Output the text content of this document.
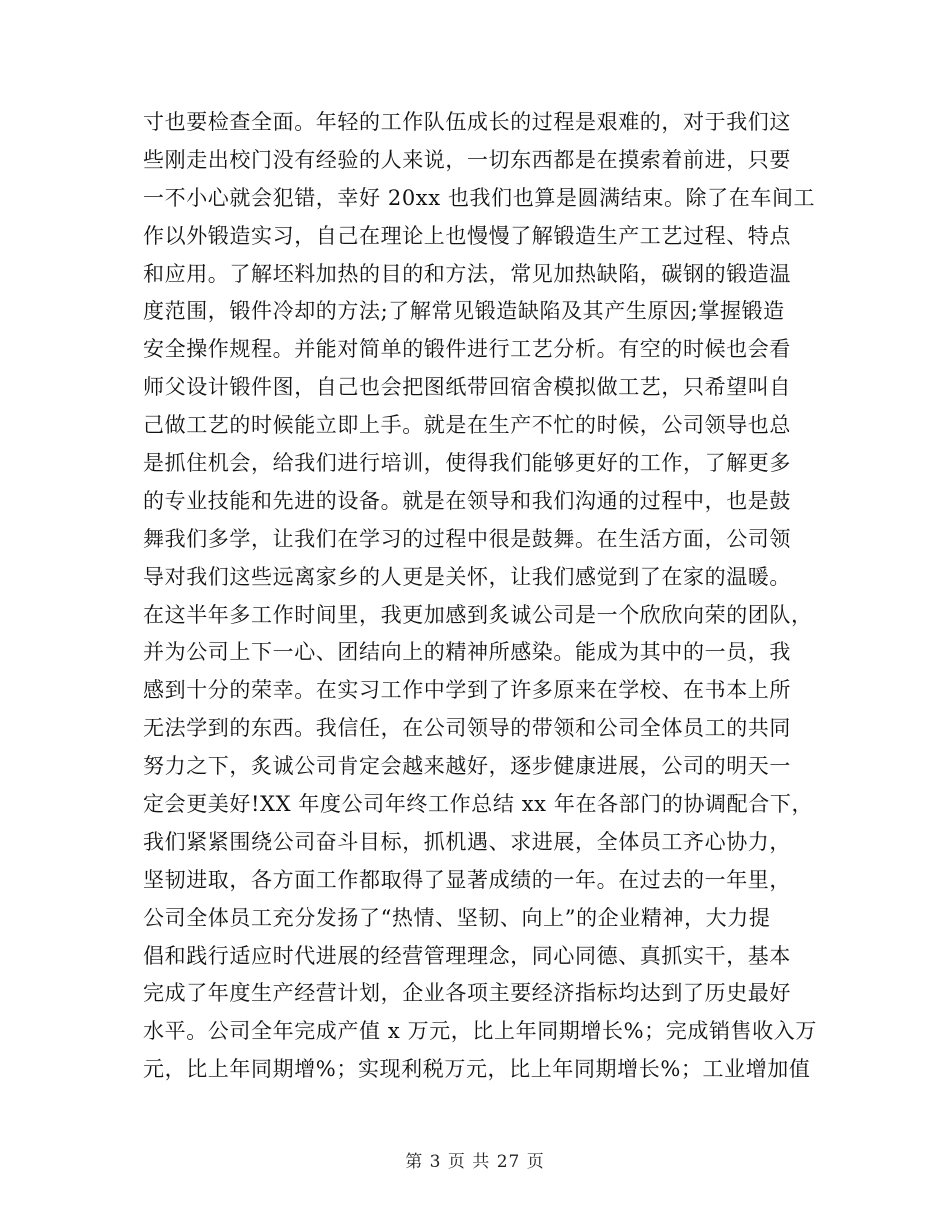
寸也要检查全面。年轻的工作队伍成长的过程是艰难的，对于我们这
些刚走出校门没有经验的人来说，一切东西都是在摸索着前进，只要
一不小心就会犯错，幸好 20xx 也我们也算是圆满结束。除了在车间工
作以外锻造实习，自己在理论上也慢慢了解锻造生产工艺过程、特点
和应用。了解坯料加热的目的和方法，常见加热缺陷，碳钢的锻造温
度范围，锻件冷却的方法;了解常见锻造缺陷及其产生原因;掌握锻造
安全操作规程。并能对简单的锻件进行工艺分析。有空的时候也会看
师父设计锻件图，自己也会把图纸带回宿舍模拟做工艺，只希望叫自
己做工艺的时候能立即上手。就是在生产不忙的时候，公司领导也总
是抓住机会，给我们进行培训，使得我们能够更好的工作，了解更多
的专业技能和先进的设备。就是在领导和我们沟通的过程中，也是鼓
舞我们多学，让我们在学习的过程中很是鼓舞。在生活方面，公司领
导对我们这些远离家乡的人更是关怀，让我们感觉到了在家的温暖。
在这半年多工作时间里，我更加感到炙诚公司是一个欣欣向荣的团队，
并为公司上下一心、团结向上的精神所感染。能成为其中的一员，我
感到十分的荣幸。在实习工作中学到了许多原来在学校、在书本上所
无法学到的东西。我信任，在公司领导的带领和公司全体员工的共同
努力之下，炙诚公司肯定会越来越好，逐步健康进展，公司的明天一
定会更美好!XX 年度公司年终工作总结 xx 年在各部门的协调配合下，
我们紧紧围绕公司奋斗目标，抓机遇、求进展，全体员工齐心协力，
坚韧进取，各方面工作都取得了显著成绩的一年。在过去的一年里，
公司全体员工充分发扬了“热情、坚韧、向上”的企业精神，大力提
倡和践行适应时代进展的经营管理理念，同心同德、真抓实干，基本
完成了年度生产经营计划，企业各项主要经济指标均达到了历史最好
水平。公司全年完成产值 x 万元，比上年同期增长%；完成销售收入万
元，比上年同期增%；实现利税万元，比上年同期增长%；工业增加值
第 3 页 共 27 页
